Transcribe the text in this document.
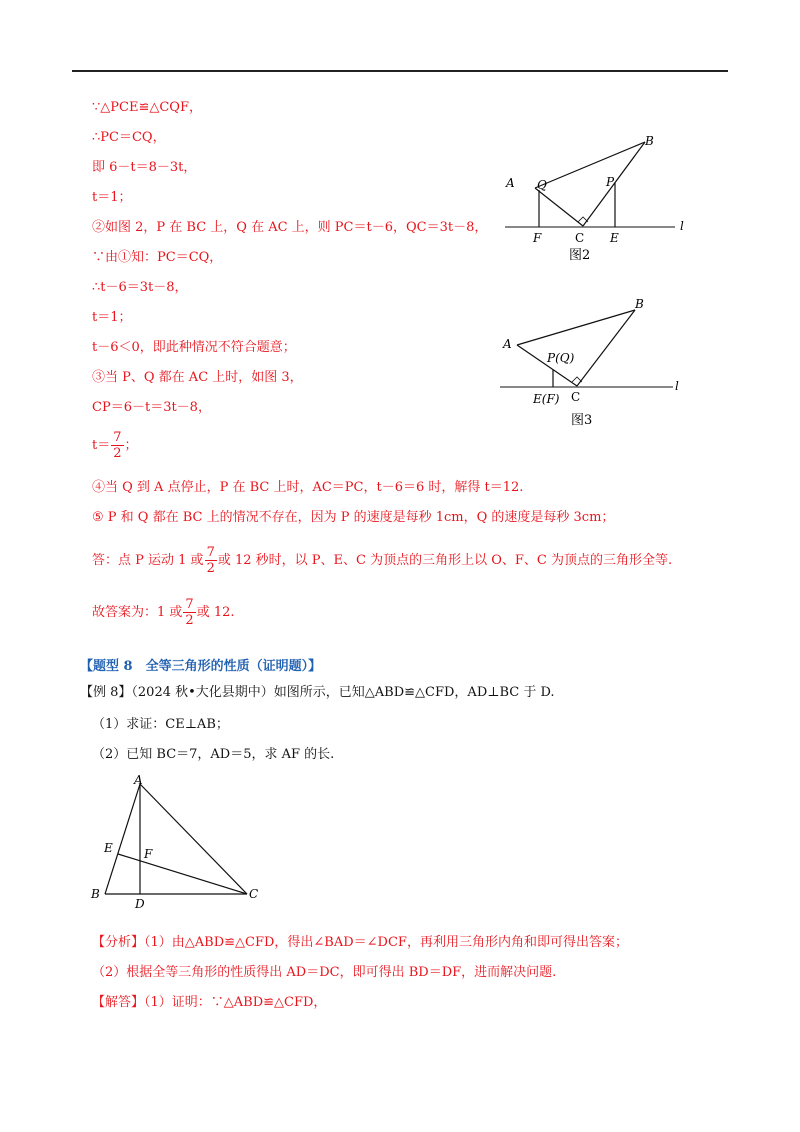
∵△PCE≌△CQF，
∴PC＝CQ，
即 6－t＝8－3t，
t＝1；
②如图 2，P 在 BC 上，Q 在 AC 上，则 PC＝t－6，QC＝3t－8，
∵由①知：PC＝CQ，
∴t－6＝3t－8，
t＝1；
t－6＜0，即此种情况不符合题意；
③当 P、Q 都在 AC 上时，如图 3，
CP＝6－t＝3t－8，
$t= \frac{7}{2}$ ；
④当 Q 到 A 点停止，P 在 BC 上时，AC＝PC，t－6＝6 时，解得 t＝12.
⑤ P 和 Q 都在 BC 上的情况不存在，因为 P 的速度是每秒 1cm，Q 的速度是每秒 3cm；
答：点 P 运动 1 或 $\frac{7}{2}$ 或 12 秒时，以 P、E、C 为顶点的三角形上以 O、F、C 为顶点的三角形全等.
故答案为：1 或 $\frac{7}{2}$ 或 12.
A
B
Q	P
F	C E
l
图2
A
B
P(Q)
E(F) C
l
图3
【题型 8　全等三角形的性质（证明题）】
【例 8】（2024 秋•大化县期中）如图所示，已知△ABD≌△CFD，AD⊥BC 于 D.
（1）求证：CE⊥AB；
（2）已知 BC＝7，AD＝5，求 AF 的长.
A
E	F
B
D
C
【分析】（1）由△ABD≌△CFD，得出∠BAD＝∠DCF，再利用三角形内角和即可得出答案；
（2）根据全等三角形的性质得出 AD＝DC，即可得出 BD＝DF，进而解决问题.
【解答】（1）证明：∵△ABD≌△CFD，
